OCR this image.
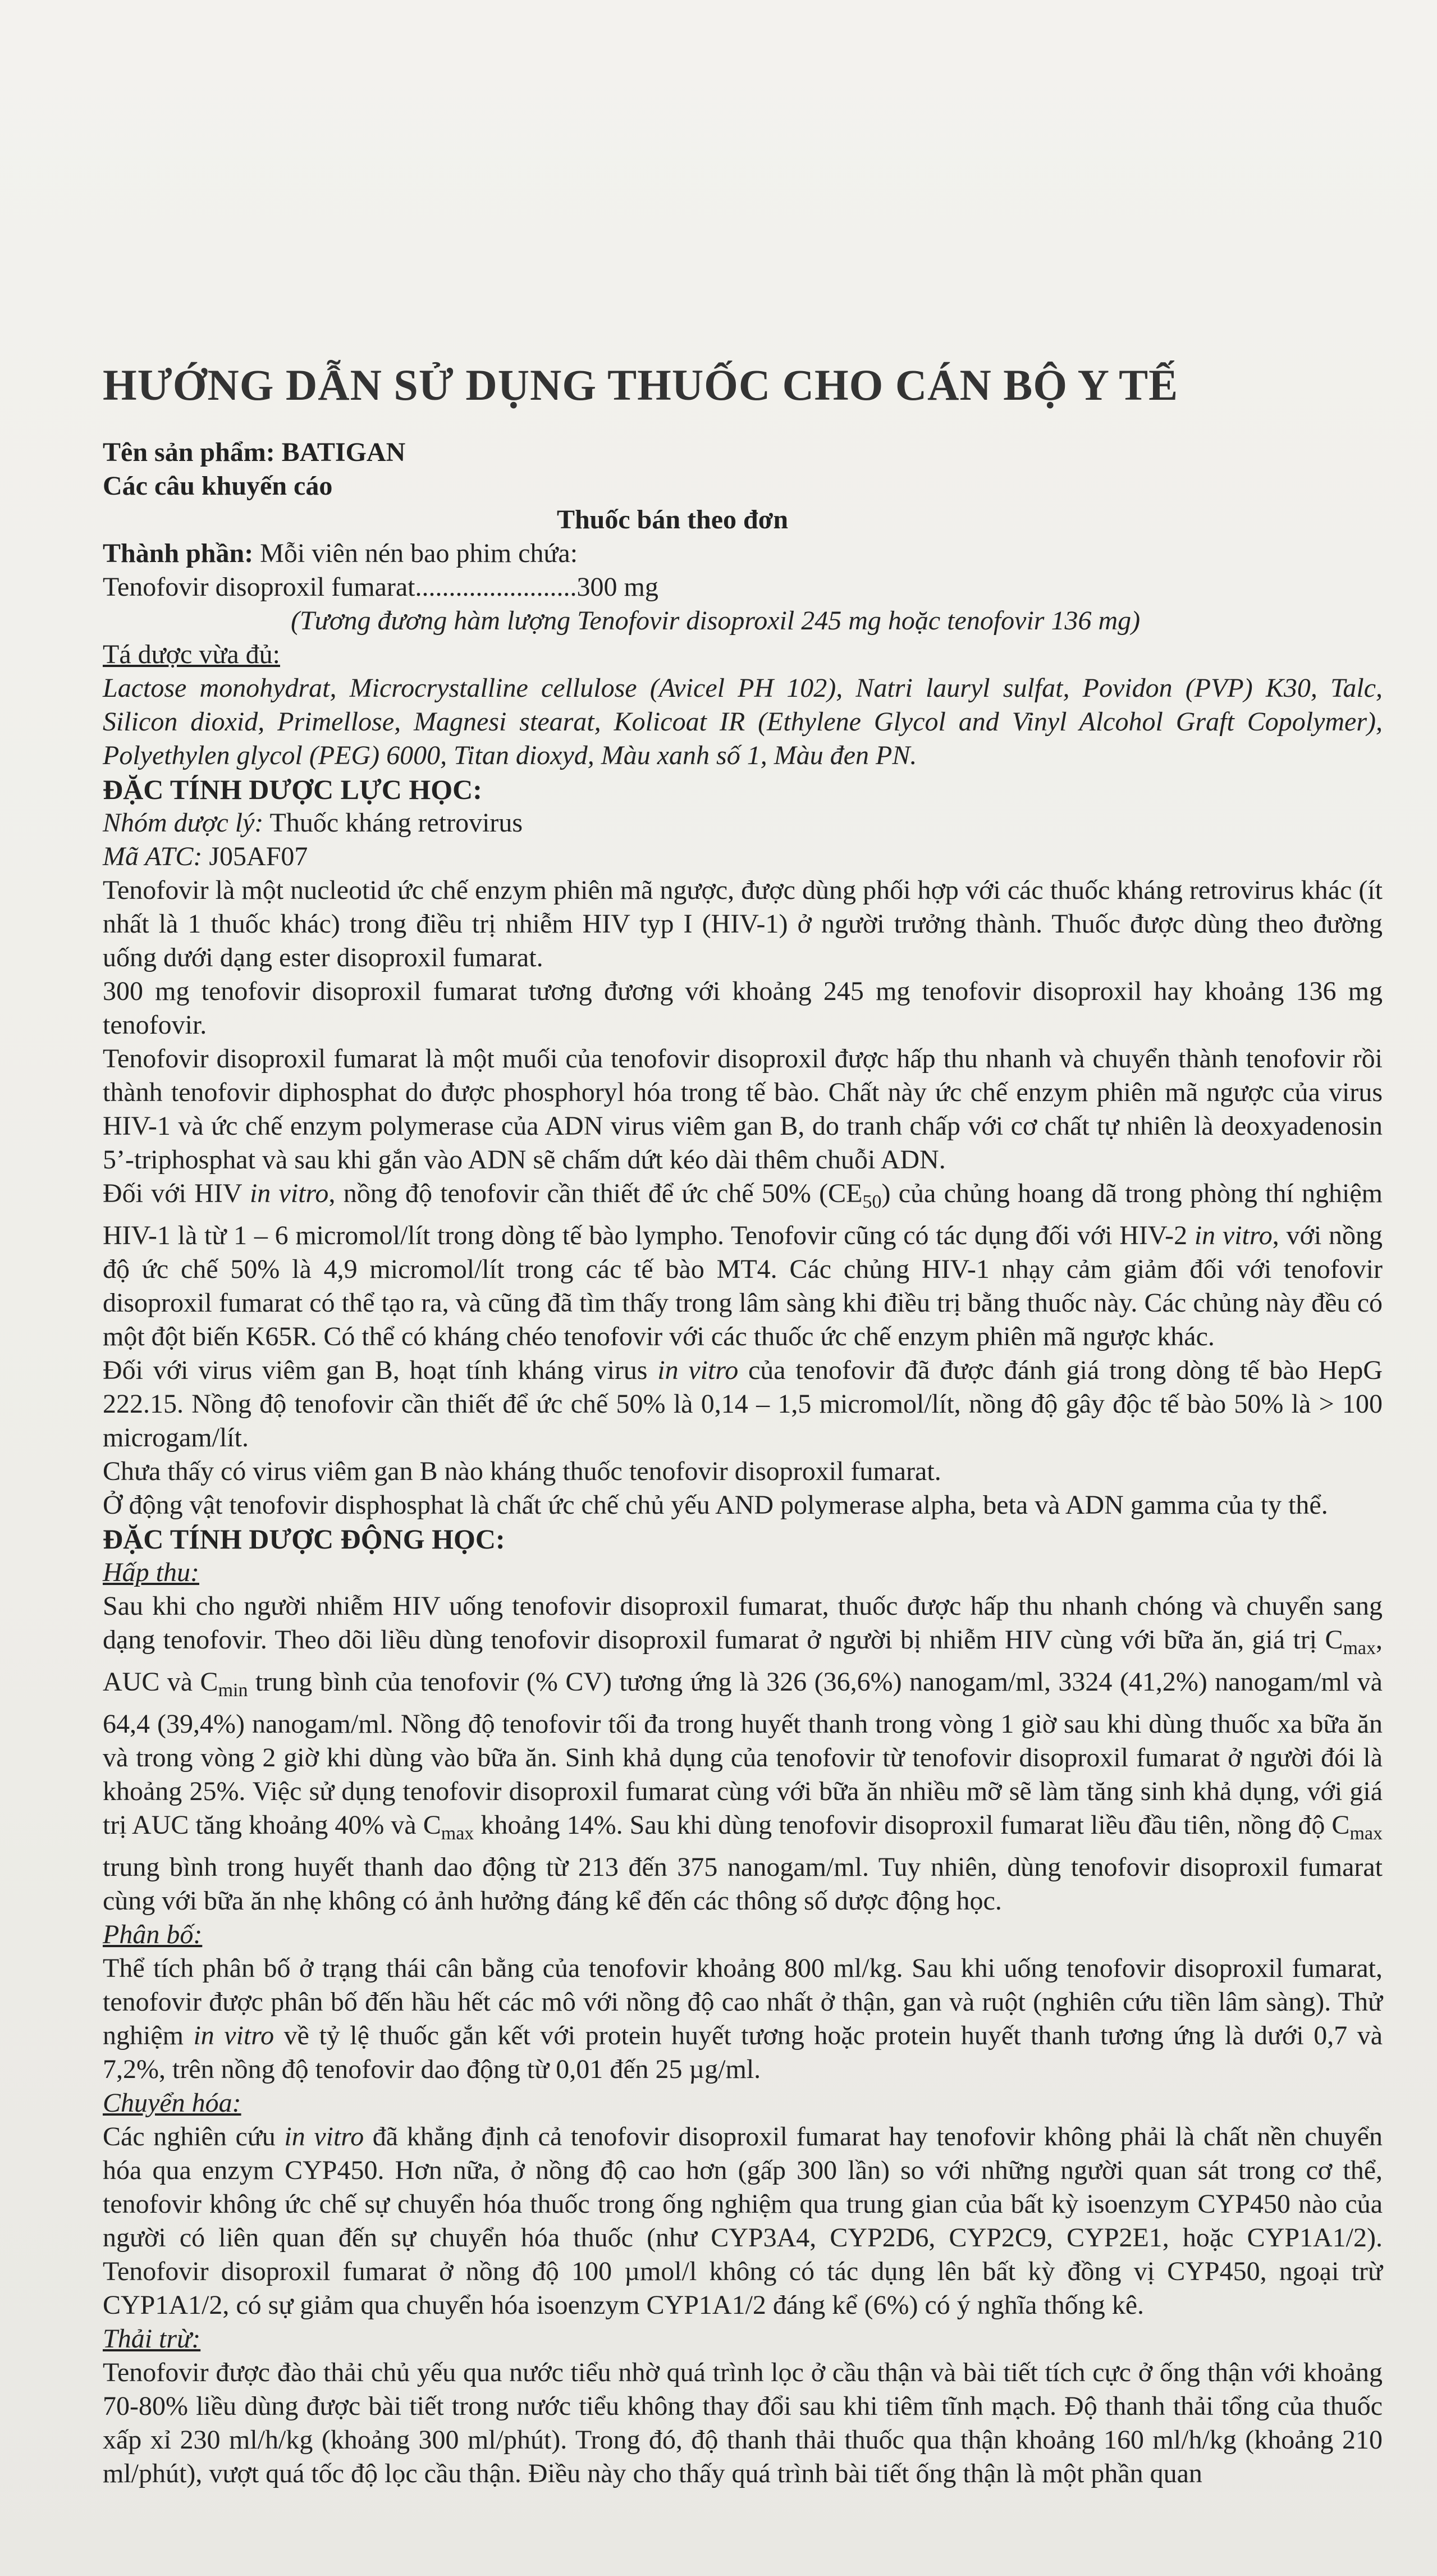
HƯỚNG DẪN SỬ DỤNG THUỐC CHO CÁN BỘ Y TẾ

Tên sản phẩm: BATIGAN

Các câu khuyến cáo

Thuốc bán theo đơn

Thành phần: Mỗi viên nén bao phim chứa:

Tenofovir disoproxil fumarat........................300 mg

(Tương đương hàm lượng Tenofovir disoproxil 245 mg hoặc tenofovir 136 mg)

Tá dược vừa đủ:

Lactose monohydrat, Microcrystalline cellulose (Avicel PH 102), Natri lauryl sulfat, Povidon (PVP) K30, Talc, Silicon dioxid, Primellose, Magnesi stearat, Kolicoat IR (Ethylene Glycol and Vinyl Alcohol Graft Copolymer), Polyethylen glycol (PEG) 6000, Titan dioxyd, Màu xanh số 1, Màu đen PN.

ĐẶC TÍNH DƯỢC LỰC HỌC:

Nhóm dược lý: Thuốc kháng retrovirus

Mã ATC: J05AF07

Tenofovir là một nucleotid ức chế enzym phiên mã ngược, được dùng phối hợp với các thuốc kháng retrovirus khác (ít nhất là 1 thuốc khác) trong điều trị nhiễm HIV typ I (HIV-1) ở người trưởng thành. Thuốc được dùng theo đường uống dưới dạng ester disoproxil fumarat.

300 mg tenofovir disoproxil fumarat tương đương với khoảng 245 mg tenofovir disoproxil hay khoảng 136 mg tenofovir.

Tenofovir disoproxil fumarat là một muối của tenofovir disoproxil được hấp thu nhanh và chuyển thành tenofovir rồi thành tenofovir diphosphat do được phosphoryl hóa trong tế bào. Chất này ức chế enzym phiên mã ngược của virus HIV-1 và ức chế enzym polymerase của ADN virus viêm gan B, do tranh chấp với cơ chất tự nhiên là deoxyadenosin 5’-triphosphat và sau khi gắn vào ADN sẽ chấm dứt kéo dài thêm chuỗi ADN.

Đối với HIV in vitro, nồng độ tenofovir cần thiết để ức chế 50% $(CE_{50})$ của chủng hoang dã trong phòng thí nghiệm HIV-1 là từ 1 – 6 micromol/lít trong dòng tế bào lympho. Tenofovir cũng có tác dụng đối với HIV-2 in vitro, với nồng độ ức chế 50% là 4,9 micromol/lít trong các tế bào MT4. Các chủng HIV-1 nhạy cảm giảm đối với tenofovir disoproxil fumarat có thể tạo ra, và cũng đã tìm thấy trong lâm sàng khi điều trị bằng thuốc này. Các chủng này đều có một đột biến K65R. Có thể có kháng chéo tenofovir với các thuốc ức chế enzym phiên mã ngược khác.

Đối với virus viêm gan B, hoạt tính kháng virus in vitro của tenofovir đã được đánh giá trong dòng tế bào HepG 222.15. Nồng độ tenofovir cần thiết để ức chế 50% là 0,14 – 1,5 micromol/lít, nồng độ gây độc tế bào 50% là > 100 microgam/lít.

Chưa thấy có virus viêm gan B nào kháng thuốc tenofovir disoproxil fumarat.

Ở động vật tenofovir disphosphat là chất ức chế chủ yếu AND polymerase alpha, beta và ADN gamma của ty thể.

ĐẶC TÍNH DƯỢC ĐỘNG HỌC:

Hấp thu:

Sau khi cho người nhiễm HIV uống tenofovir disoproxil fumarat, thuốc được hấp thu nhanh chóng và chuyển sang dạng tenofovir. Theo dõi liều dùng tenofovir disoproxil fumarat ở người bị nhiễm HIV cùng với bữa ăn, giá trị $C_{max}$, AUC và $C_{min}$ trung bình của tenofovir (% CV) tương ứng là 326 (36,6%) nanogam/ml, 3324 (41,2%) nanogam/ml và 64,4 (39,4%) nanogam/ml. Nồng độ tenofovir tối đa trong huyết thanh trong vòng 1 giờ sau khi dùng thuốc xa bữa ăn và trong vòng 2 giờ khi dùng vào bữa ăn. Sinh khả dụng của tenofovir từ tenofovir disoproxil fumarat ở người đói là khoảng 25%. Việc sử dụng tenofovir disoproxil fumarat cùng với bữa ăn nhiều mỡ sẽ làm tăng sinh khả dụng, với giá trị AUC tăng khoảng 40% và $C_{max}$ khoảng 14%. Sau khi dùng tenofovir disoproxil fumarat liều đầu tiên, nồng độ $C_{max}$ trung bình trong huyết thanh dao động từ 213 đến 375 nanogam/ml. Tuy nhiên, dùng tenofovir disoproxil fumarat cùng với bữa ăn nhẹ không có ảnh hưởng đáng kể đến các thông số dược động học.

Phân bố:

Thể tích phân bố ở trạng thái cân bằng của tenofovir khoảng 800 ml/kg. Sau khi uống tenofovir disoproxil fumarat, tenofovir được phân bố đến hầu hết các mô với nồng độ cao nhất ở thận, gan và ruột (nghiên cứu tiền lâm sàng). Thử nghiệm in vitro về tỷ lệ thuốc gắn kết với protein huyết tương hoặc protein huyết thanh tương ứng là dưới 0,7 và 7,2%, trên nồng độ tenofovir dao động từ 0,01 đến 25 µg/ml.

Chuyển hóa:

Các nghiên cứu in vitro đã khẳng định cả tenofovir disoproxil fumarat hay tenofovir không phải là chất nền chuyển hóa qua enzym CYP450. Hơn nữa, ở nồng độ cao hơn (gấp 300 lần) so với những người quan sát trong cơ thể, tenofovir không ức chế sự chuyển hóa thuốc trong ống nghiệm qua trung gian của bất kỳ isoenzym CYP450 nào của người có liên quan đến sự chuyển hóa thuốc (như CYP3A4, CYP2D6, CYP2C9, CYP2E1, hoặc CYP1A1/2). Tenofovir disoproxil fumarat ở nồng độ 100 µmol/l không có tác dụng lên bất kỳ đồng vị CYP450, ngoại trừ CYP1A1/2, có sự giảm qua chuyển hóa isoenzym CYP1A1/2 đáng kể (6%) có ý nghĩa thống kê.

Thải trừ:

Tenofovir được đào thải chủ yếu qua nước tiểu nhờ quá trình lọc ở cầu thận và bài tiết tích cực ở ống thận với khoảng 70-80% liều dùng được bài tiết trong nước tiểu không thay đổi sau khi tiêm tĩnh mạch. Độ thanh thải tổng của thuốc xấp xỉ 230 ml/h/kg (khoảng 300 ml/phút). Trong đó, độ thanh thải thuốc qua thận khoảng 160 ml/h/kg (khoảng 210 ml/phút), vượt quá tốc độ lọc cầu thận. Điều này cho thấy quá trình bài tiết ống thận là một phần quan
